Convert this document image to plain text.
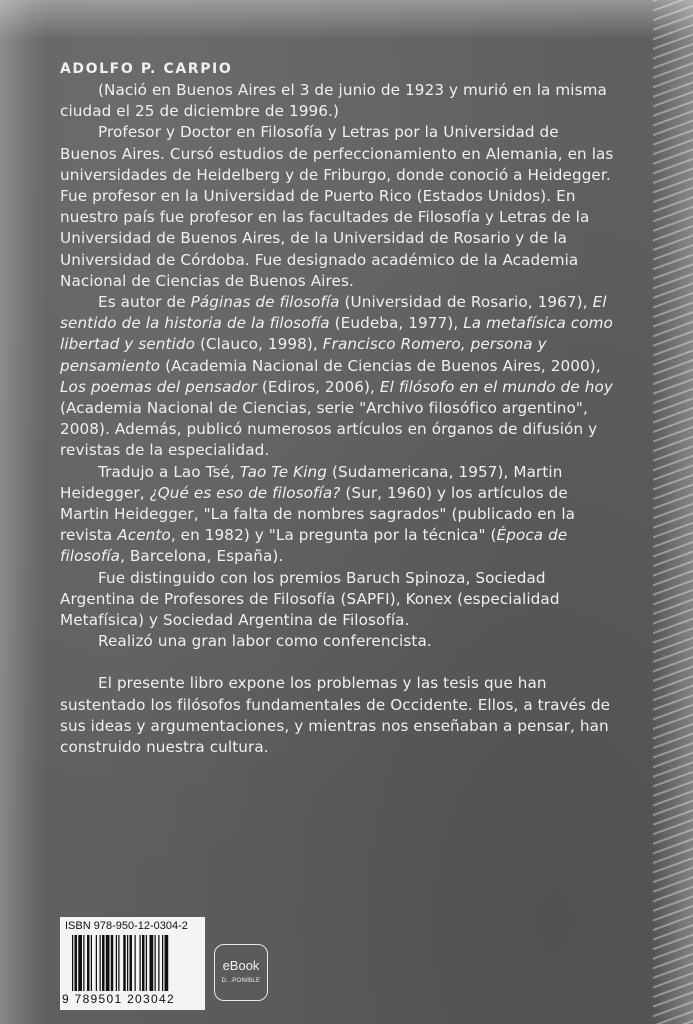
ADOLFO P. CARPIO

(Nació en Buenos Aires el 3 de junio de 1923 y murió en la misma ciudad el 25 de diciembre de 1996.)

Profesor y Doctor en Filosofía y Letras por la Universidad de Buenos Aires. Cursó estudios de perfeccionamiento en Alemania, en las universidades de Heidelberg y de Friburgo, donde conoció a Heidegger. Fue profesor en la Universidad de Puerto Rico (Estados Unidos). En nuestro país fue profesor en las facultades de Filosofía y Letras de la Universidad de Buenos Aires, de la Universidad de Rosario y de la Universidad de Córdoba. Fue designado académico de la Academia Nacional de Ciencias de Buenos Aires.

Es autor de Páginas de filosofía (Universidad de Rosario, 1967), El sentido de la historia de la filosofía (Eudeba, 1977), La metafísica como libertad y sentido (Clauco, 1998), Francisco Romero, persona y pensamiento (Academia Nacional de Ciencias de Buenos Aires, 2000), Los poemas del pensador (Ediros, 2006), El filósofo en el mundo de hoy (Academia Nacional de Ciencias, serie "Archivo filosófico argentino", 2008). Además, publicó numerosos artículos en órganos de difusión y revistas de la especialidad.

Tradujo a Lao Tsé, Tao Te King (Sudamericana, 1957), Martin Heidegger, ¿Qué es eso de filosofía? (Sur, 1960) y los artículos de Martin Heidegger, "La falta de nombres sagrados" (publicado en la revista Acento, en 1982) y "La pregunta por la técnica" (Época de filosofía, Barcelona, España).

Fue distinguido con los premios Baruch Spinoza, Sociedad Argentina de Profesores de Filosofía (SAPFI), Konex (especialidad Metafísica) y Sociedad Argentina de Filosofía.

Realizó una gran labor como conferencista.

El presente libro expone los problemas y las tesis que han sustentado los filósofos fundamentales de Occidente. Ellos, a través de sus ideas y argumentaciones, y mientras nos enseñaban a pensar, han construido nuestra cultura.

ISBN 978-950-12-0304-2
9 789501 203042
eBook
D. .PONIBLE
